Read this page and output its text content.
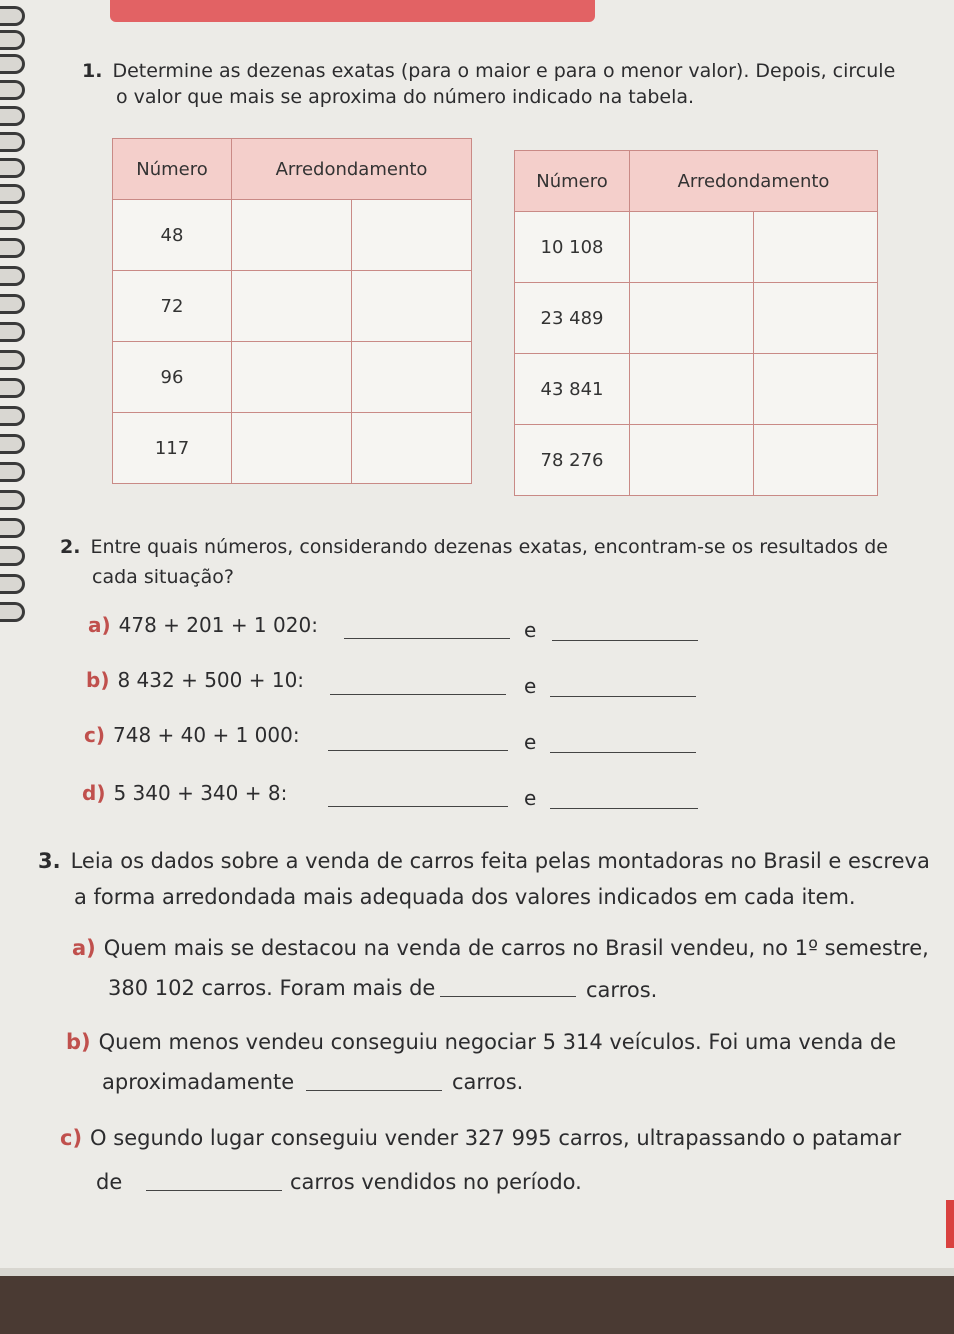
1. Determine as dezenas exatas (para o maior e para o menor valor). Depois, circule
o valor que mais se aproxima do número indicado na tabela.
Número	Arredondamento	
48		
72		
96		
117		
Número	Arredondamento	
10 108		
23 489		
43 841		
78 276		
2. Entre quais números, considerando dezenas exatas, encontram-se os resultados de
cada situação?
a) 478 + 201 + 1 020:	e
b) 8 432 + 500 + 10:	e
c) 748 + 40 + 1 000:	e
d) 5 340 + 340 + 8:	e
3. Leia os dados sobre a venda de carros feita pelas montadoras no Brasil e escreva
a forma arredondada mais adequada dos valores indicados em cada item.
a) Quem mais se destacou na venda de carros no Brasil vendeu, no 1º semestre,
380 102 carros. Foram mais de	carros.
b) Quem menos vendeu conseguiu negociar 5 314 veículos. Foi uma venda de
aproximadamente	carros.
c) O segundo lugar conseguiu vender 327 995 carros, ultrapassando o patamar
de	carros vendidos no período.
